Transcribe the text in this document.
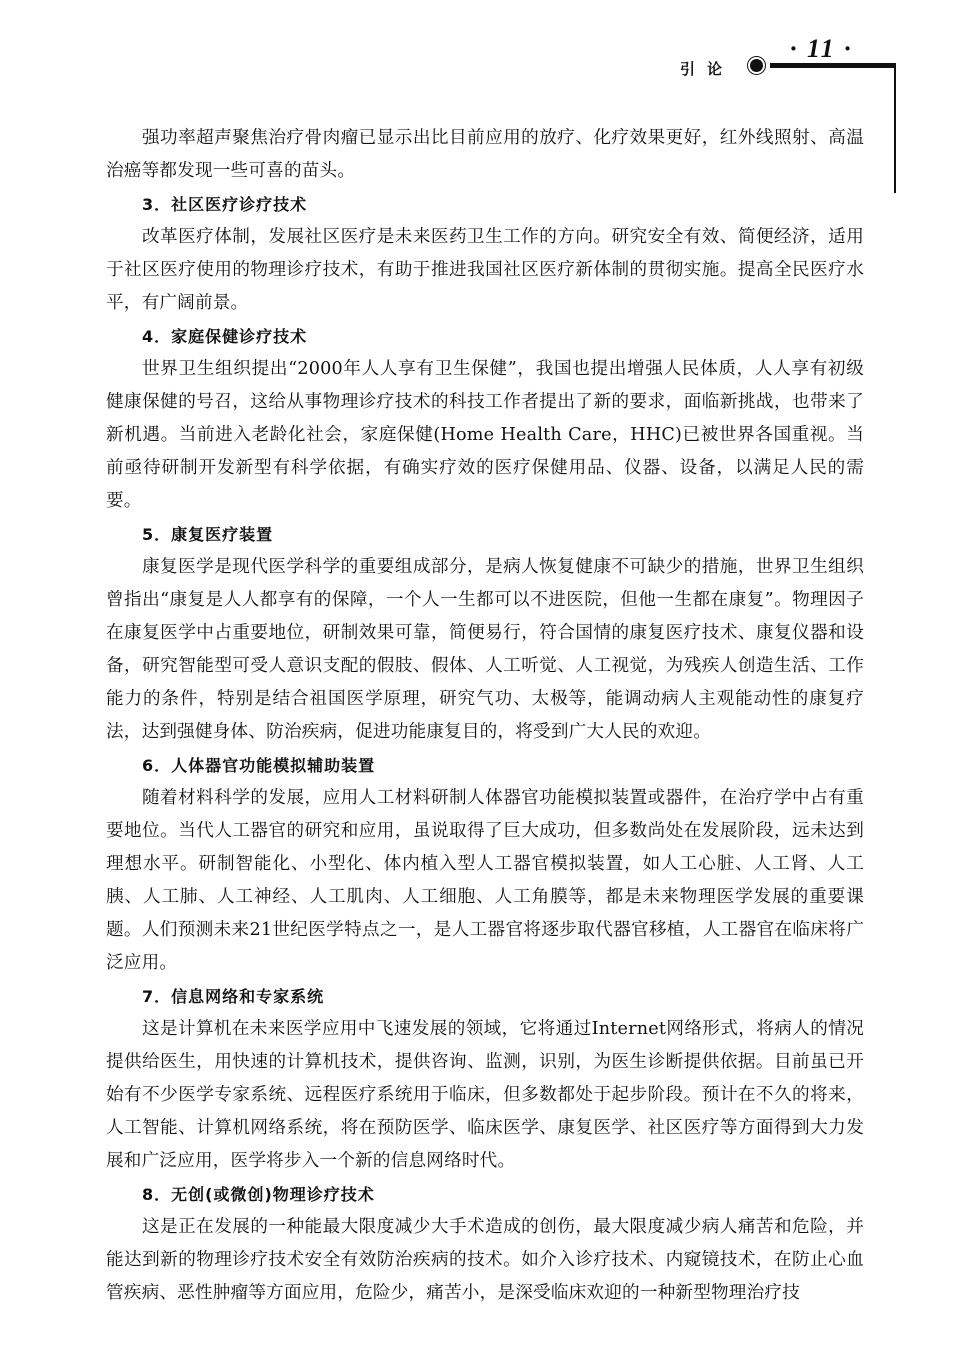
· 11 ·
引论

强功率超声聚焦治疗骨肉瘤已显示出比目前应用的放疗、化疗效果更好，红外线照射、高温治癌等都发现一些可喜的苗头。

3．社区医疗诊疗技术

改革医疗体制，发展社区医疗是未来医药卫生工作的方向。研究安全有效、简便经济，适用于社区医疗使用的物理诊疗技术，有助于推进我国社区医疗新体制的贯彻实施。提高全民医疗水平，有广阔前景。

4．家庭保健诊疗技术

世界卫生组织提出“2000年人人享有卫生保健”，我国也提出增强人民体质，人人享有初级健康保健的号召，这给从事物理诊疗技术的科技工作者提出了新的要求，面临新挑战，也带来了新机遇。当前进入老龄化社会，家庭保健(Home Health Care，HHC)已被世界各国重视。当前亟待研制开发新型有科学依据，有确实疗效的医疗保健用品、仪器、设备，以满足人民的需要。

5．康复医疗装置

康复医学是现代医学科学的重要组成部分，是病人恢复健康不可缺少的措施，世界卫生组织曾指出“康复是人人都享有的保障，一个人一生都可以不进医院，但他一生都在康复”。物理因子在康复医学中占重要地位，研制效果可靠，简便易行，符合国情的康复医疗技术、康复仪器和设备，研究智能型可受人意识支配的假肢、假体、人工听觉、人工视觉，为残疾人创造生活、工作能力的条件，特别是结合祖国医学原理，研究气功、太极等，能调动病人主观能动性的康复疗法，达到强健身体、防治疾病，促进功能康复目的，将受到广大人民的欢迎。

6．人体器官功能模拟辅助装置

随着材料科学的发展，应用人工材料研制人体器官功能模拟装置或器件，在治疗学中占有重要地位。当代人工器官的研究和应用，虽说取得了巨大成功，但多数尚处在发展阶段，远未达到理想水平。研制智能化、小型化、体内植入型人工器官模拟装置，如人工心脏、人工肾、人工胰、人工肺、人工神经、人工肌肉、人工细胞、人工角膜等，都是未来物理医学发展的重要课题。人们预测未来21世纪医学特点之一，是人工器官将逐步取代器官移植，人工器官在临床将广泛应用。

7．信息网络和专家系统

这是计算机在未来医学应用中飞速发展的领域，它将通过Internet网络形式，将病人的情况提供给医生，用快速的计算机技术，提供咨询、监测，识别，为医生诊断提供依据。目前虽已开始有不少医学专家系统、远程医疗系统用于临床，但多数都处于起步阶段。预计在不久的将来，人工智能、计算机网络系统，将在预防医学、临床医学、康复医学、社区医疗等方面得到大力发展和广泛应用，医学将步入一个新的信息网络时代。

8．无创(或微创)物理诊疗技术

这是正在发展的一种能最大限度减少大手术造成的创伤，最大限度减少病人痛苦和危险，并能达到新的物理诊疗技术安全有效防治疾病的技术。如介入诊疗技术、内窥镜技术，在防止心血管疾病、恶性肿瘤等方面应用，危险少，痛苦小，是深受临床欢迎的一种新型物理治疗技
